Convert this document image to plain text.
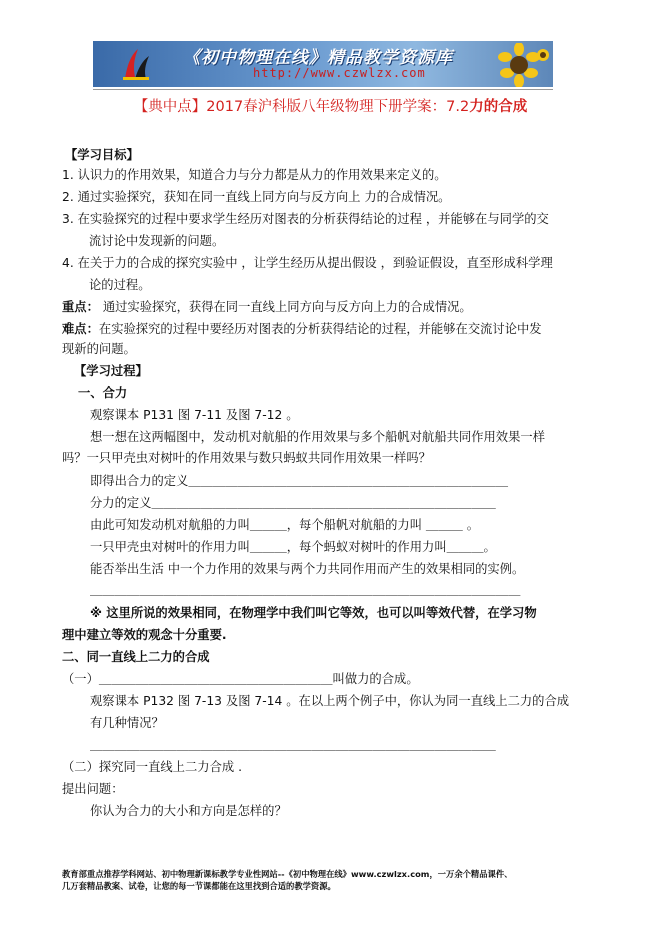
《初中物理在线》精品教学资源库
http://www.czwlzx.com
【典中点】2017春沪科版八年级物理下册学案：7.2力的合成
【学习目标】
1. 认识力的作用效果，知道合力与分力都是从力的作用效果来定义的。
2. 通过实验探究，获知在同一直线上同方向与反方向上 力的合成情况。
3. 在实验探究的过程中要求学生经历对图表的分析获得结论的过程 ，并能够在与同学的交
流讨论中发现新的问题。
4. 在关于力的合成的探究实验中 ，让学生经历从提出假设 ，到验证假设，直至形成科学理
论的过程。
重点： 通过实验探究，获得在同一直线上同方向与反方向上力的合成情况。
难点：在实验探究的过程中要经历对图表的分析获得结论的过程，并能够在交流讨论中发
现新的问题。
【学习过程】
一、合力
观察课本 P131 图 7-11 及图 7-12 。
想一想在这两幅图中，发动机对航船的作用效果与多个船帆对航船共同作用效果一样
吗？一只甲壳虫对树叶的作用效果与数只蚂蚁共同作用效果一样吗？
即得出合力的定义＿＿＿＿＿＿＿＿＿＿＿＿＿＿＿＿＿＿＿＿＿＿＿＿＿＿
分力的定义＿＿＿＿＿＿＿＿＿＿＿＿＿＿＿＿＿＿＿＿＿＿＿＿＿＿＿＿
由此可知发动机对航船的力叫＿＿＿，每个船帆对航船的力叫 ＿＿＿ 。
一只甲壳虫对树叶的作用力叫＿＿＿，每个蚂蚁对树叶的作用力叫＿＿＿。
能否举出生活 中一个力作用的效果与两个力共同作用而产生的效果相同的实例。
＿＿＿＿＿＿＿＿＿＿＿＿＿＿＿＿＿＿＿＿＿＿＿＿＿＿＿＿＿＿＿＿＿＿＿
※ 这里所说的效果相同，在物理学中我们叫它等效，也可以叫等效代替，在学习物
理中建立等效的观念十分重要.
二、同一直线上二力的合成
（一）＿＿＿＿＿＿＿＿＿＿＿＿＿＿＿＿＿＿＿叫做力的合成。
观察课本 P132 图 7-13 及图 7-14 。在以上两个例子中，你认为同一直线上二力的合成
有几种情况？
＿＿＿＿＿＿＿＿＿＿＿＿＿＿＿＿＿＿＿＿＿＿＿＿＿＿＿＿＿＿＿＿＿
（二）探究同一直线上二力合成 .
提出问题：
你认为合力的大小和方向是怎样的？
教育部重点推荐学科网站、初中物理新课标教学专业性网站--《初中物理在线》www.czwlzx.com，一万余个精品课件、
几万套精品教案、试卷，让您的每一节课都能在这里找到合适的教学资源。
